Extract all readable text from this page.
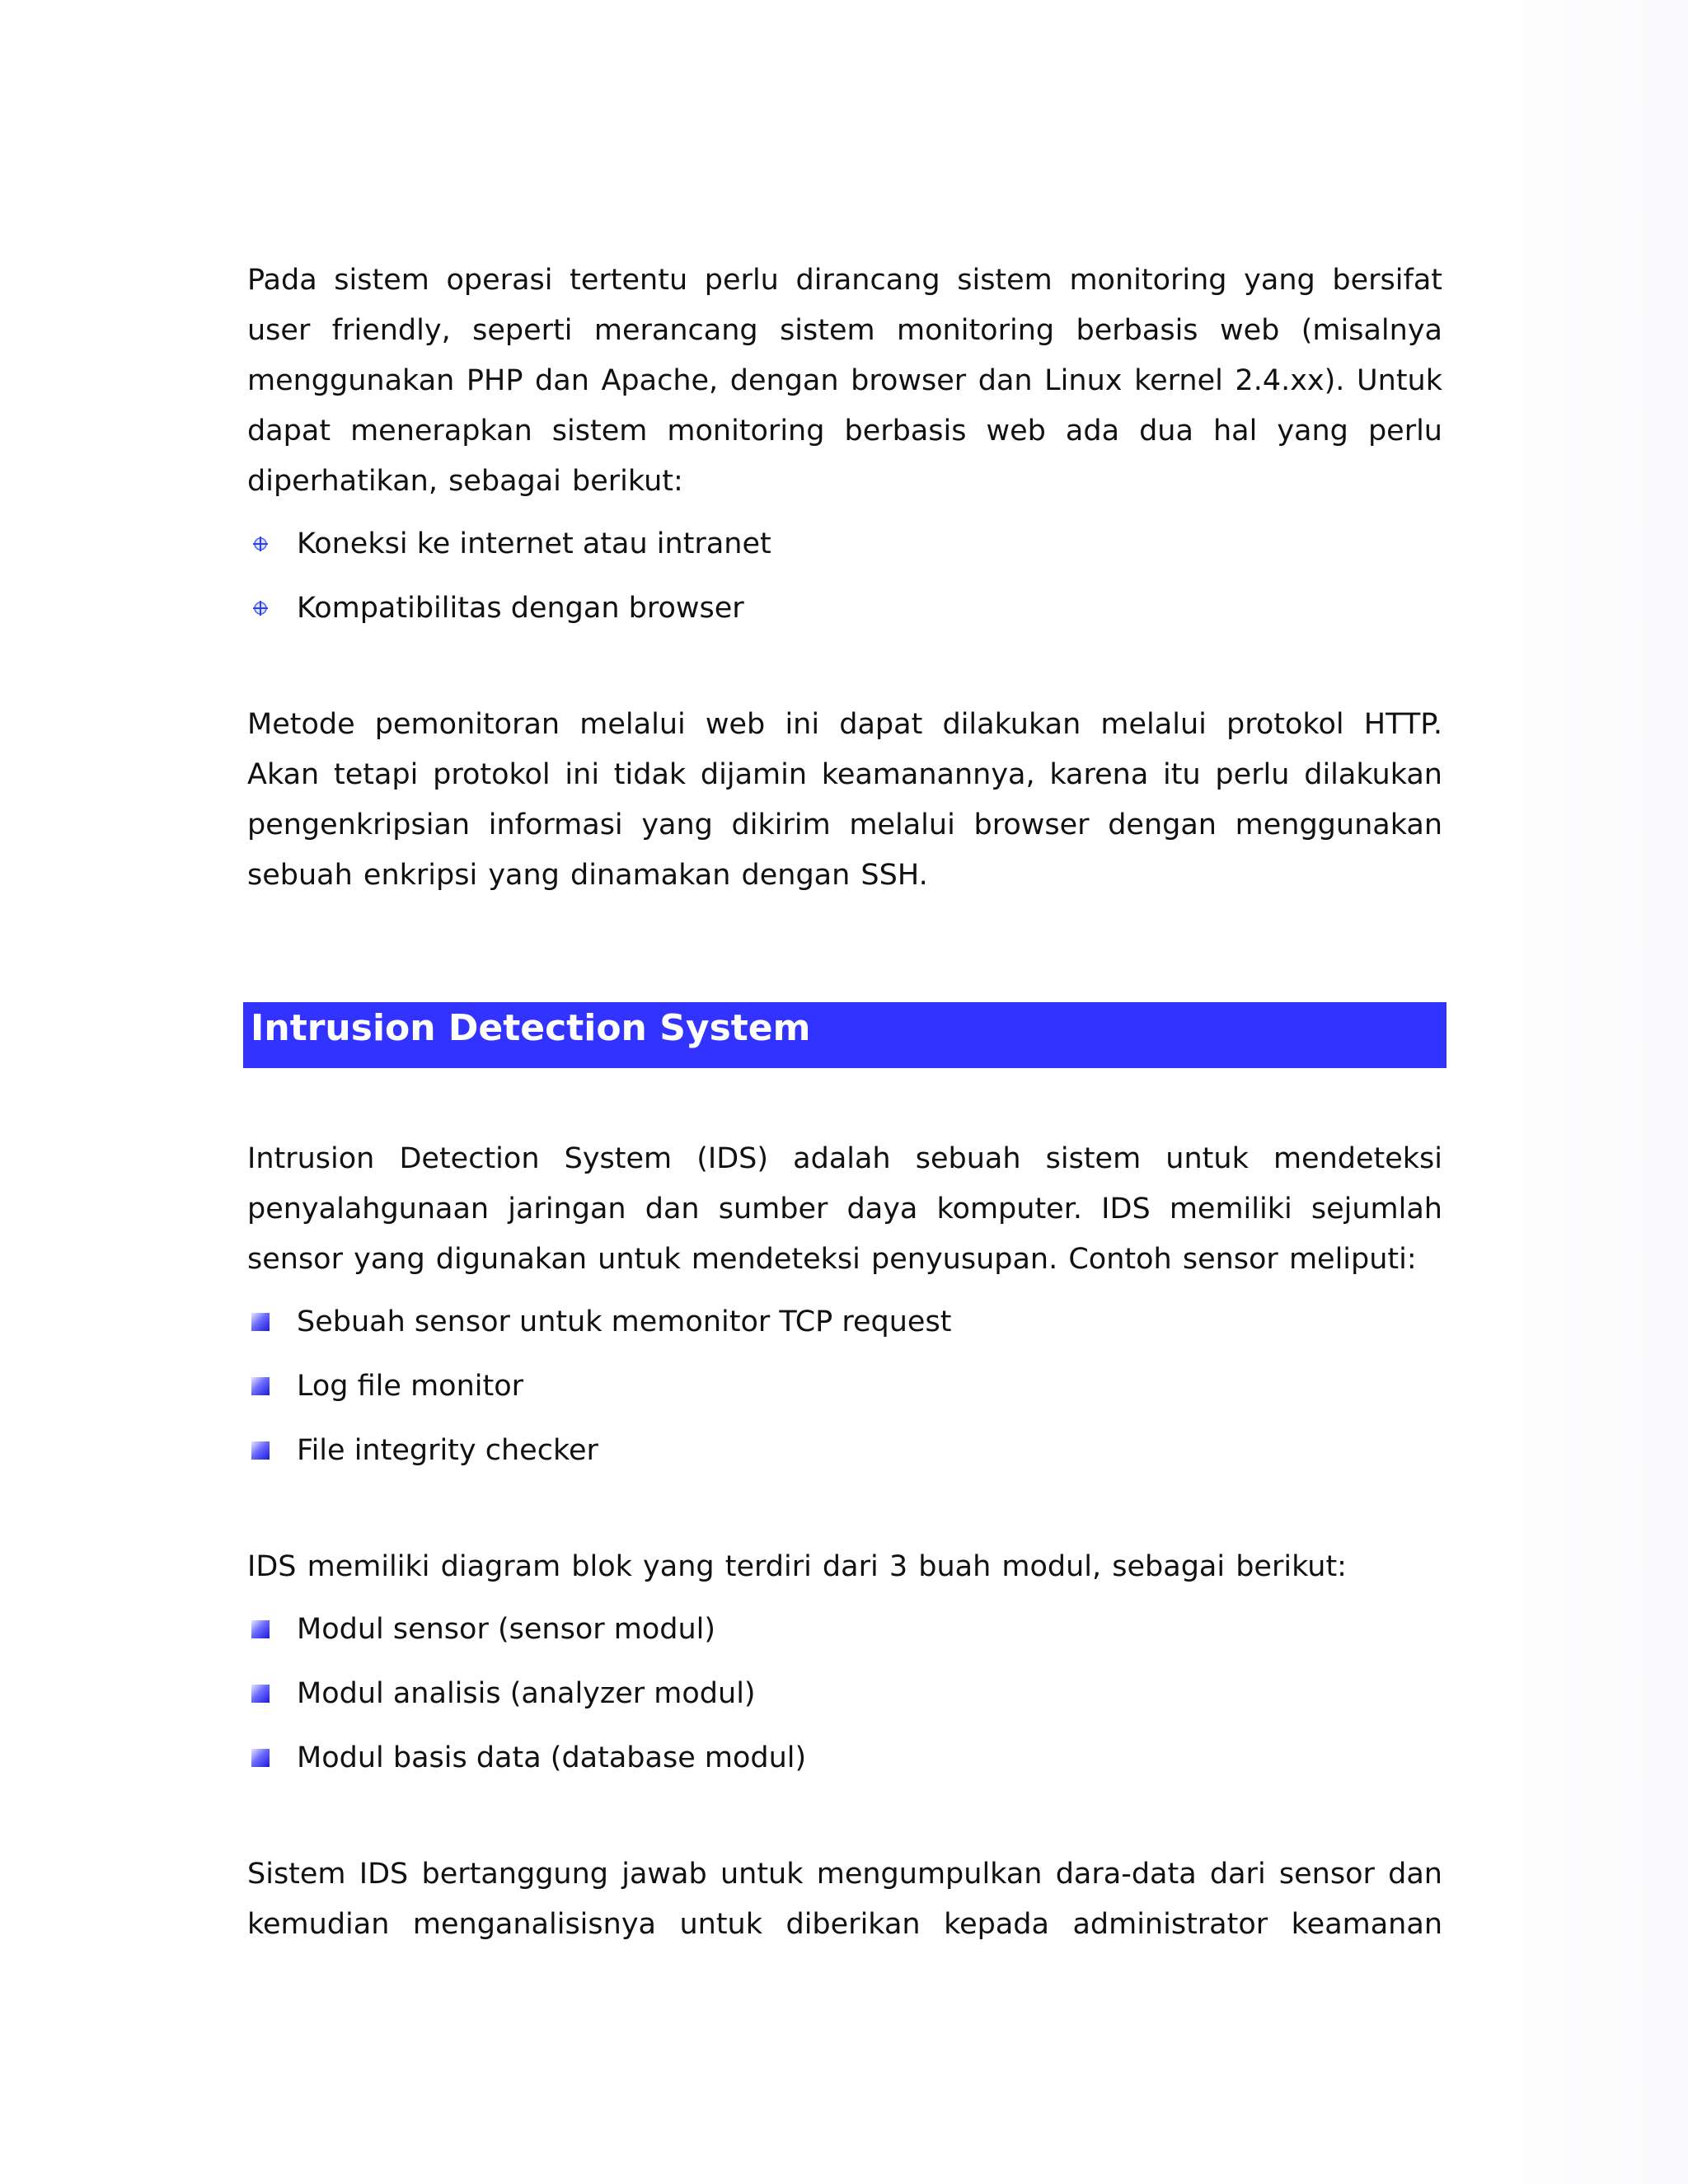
Pada sistem operasi tertentu perlu dirancang sistem monitoring yang bersifat user friendly, seperti merancang sistem monitoring berbasis web (misalnya menggunakan PHP dan Apache, dengan browser dan Linux kernel 2.4.xx). Untuk dapat menerapkan sistem monitoring berbasis web ada dua hal yang perlu diperhatikan, sebagai berikut:

Koneksi ke internet atau intranet
Kompatibilitas dengan browser

Metode pemonitoran melalui web ini dapat dilakukan melalui protokol HTTP. Akan tetapi protokol ini tidak dijamin keamanannya, karena itu perlu dilakukan pengenkripsian informasi yang dikirim melalui browser dengan menggunakan sebuah enkripsi yang dinamakan dengan SSH.

Intrusion Detection System

Intrusion Detection System (IDS) adalah sebuah sistem untuk mendeteksi penyalahgunaan jaringan dan sumber daya komputer. IDS memiliki sejumlah sensor yang digunakan untuk mendeteksi penyusupan. Contoh sensor meliputi:

Sebuah sensor untuk memonitor TCP request
Log file monitor
File integrity checker

IDS memiliki diagram blok yang terdiri dari 3 buah modul, sebagai berikut:

Modul sensor (sensor modul)
Modul analisis (analyzer modul)
Modul basis data (database modul)

Sistem IDS bertanggung jawab untuk mengumpulkan dara-data dari sensor dan kemudian menganalisisnya untuk diberikan kepada administrator keamanan
